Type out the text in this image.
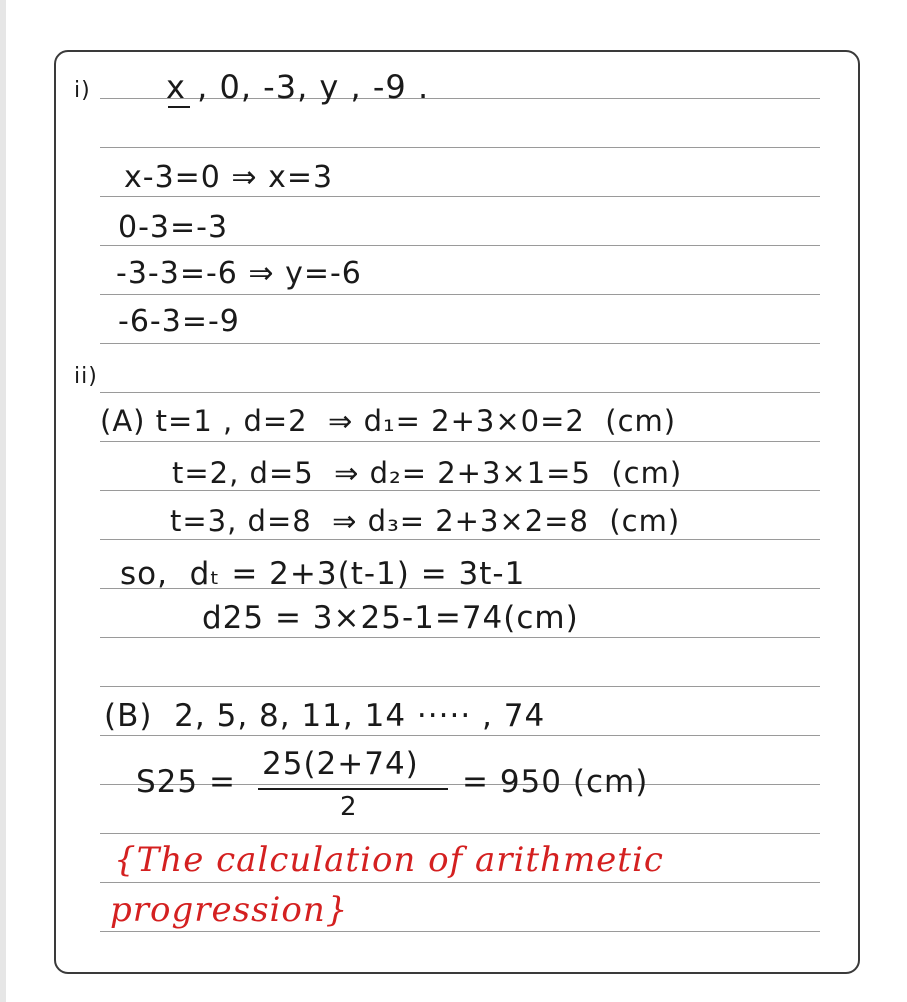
i) x , 0, -3, y , -9 .
x-3=0 ⇒ x=3
0-3=-3
-3-3=-6 ⇒ y=-6
-6-3=-9
ii)
(A) t=1 , d=2  ⇒ d₁= 2+3×0=2  (cm)
t=2, d=5  ⇒ d₂= 2+3×1=5  (cm)
t=3, d=8  ⇒ d₃= 2+3×2=8  (cm)
so,  dₜ = 2+3(t-1) = 3t-1
d25 = 3×25-1=74(cm)
(B)  2, 5, 8, 11, 14 ····· , 74
S25 = 25(2+74)
2
= 950 (cm)
{The calculation of arithmetic
progression}
